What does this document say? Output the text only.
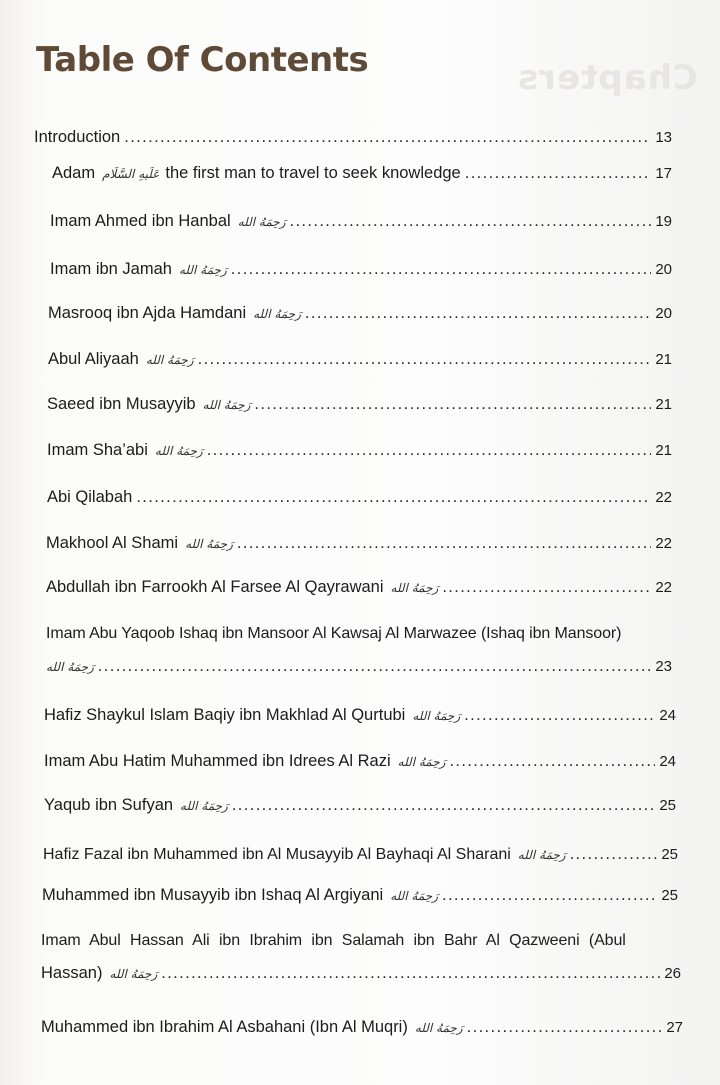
Chapters
Table Of Contents
Introduction . . .	13
Adam عَلَيهِ السَّلَام the first man to travel to seek knowledge . . .	17
Imam Ahmed ibn Hanbal رَحِمَهُ الله . . .	19
Imam ibn Jamah رَحِمَهُ الله . . .	20
Masrooq ibn Ajda Hamdani رَحِمَهُ الله . . .	20
Abul Aliyaah رَحِمَهُ الله . . .	21
Saeed ibn Musayyib رَحِمَهُ الله . . .	21
Imam Sha’abi رَحِمَهُ الله . . .	21
Abi Qilabah . . .	22
Makhool Al Shami رَحِمَهُ الله . . .	22
Abdullah ibn Farrookh Al Farsee Al Qayrawani رَحِمَهُ الله . . .	22
Imam Abu Yaqoob Ishaq ibn Mansoor Al Kawsaj Al Marwazee (Ishaq ibn Mansoor)
رَحِمَهُ الله . . .	23
Hafiz Shaykul Islam Baqiy ibn Makhlad Al Qurtubi رَحِمَهُ الله . . .	24
Imam Abu Hatim Muhammed ibn Idrees Al Razi رَحِمَهُ الله . . .	24
Yaqub ibn Sufyan رَحِمَهُ الله . . .	25
Hafiz Fazal ibn Muhammed ibn Al Musayyib Al Bayhaqi Al Sharani رَحِمَهُ الله . . .	25
Muhammed ibn Musayyib ibn Ishaq Al Argiyani رَحِمَهُ الله . . .	25
Imam Abul Hassan Ali ibn Ibrahim ibn Salamah ibn Bahr Al Qazweeni (Abul
Hassan) رَحِمَهُ الله . . .	26
Muhammed ibn Ibrahim Al Asbahani (Ibn Al Muqri) رَحِمَهُ الله . . .	27
